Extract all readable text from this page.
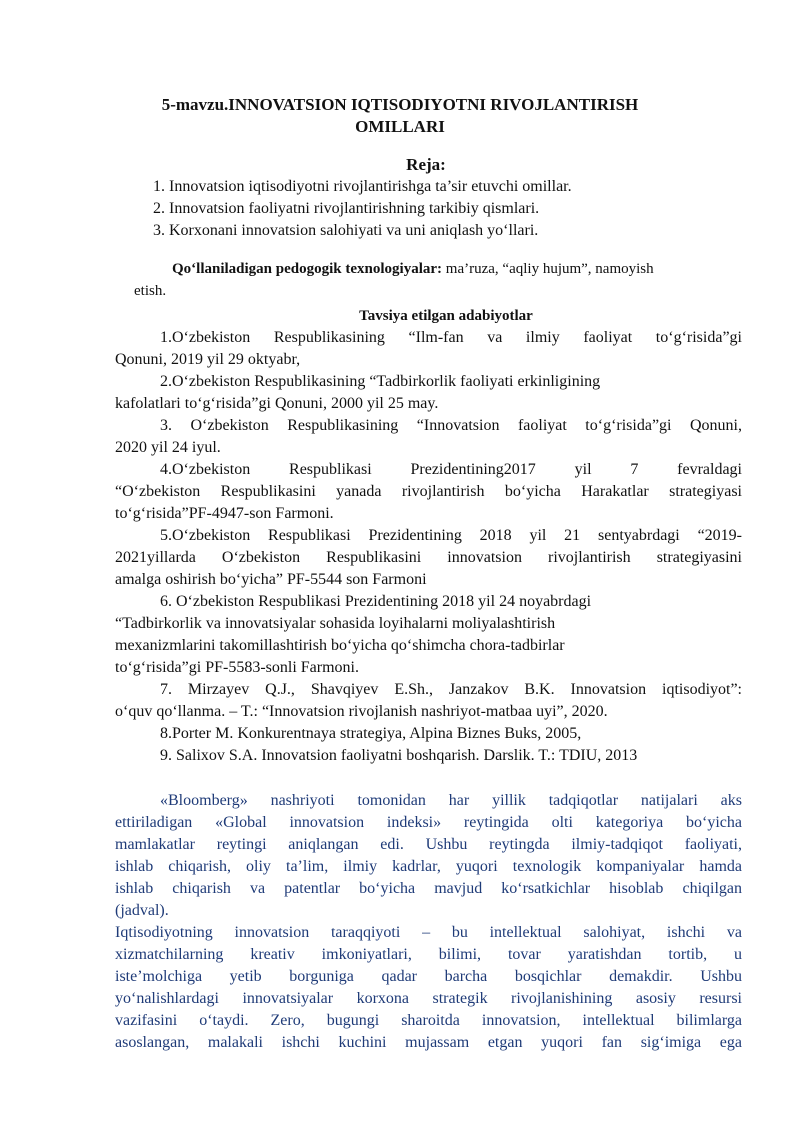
5-mavzu.INNOVATSION IQTISODIYOTNI RIVOJLANTIRISH
OMILLARI
Reja:
1. Innovatsion iqtisodiyotni rivojlantirishga ta’sir etuvchi omillar.
2. Innovatsion faoliyatni rivojlantirishning tarkibiy qismlari.
3. Korxonani innovatsion salohiyati va uni aniqlash yo‘llari.
Qo‘llaniladigan pedogogik texnologiyalar: ma’ruza, “aqliy hujum”, namoyish
etish.
Tavsiya etilgan adabiyotlar
1.O‘zbekiston Respublikasining “Ilm-fan va ilmiy faoliyat to‘g‘risida”gi
Qonuni, 2019 yil 29 oktyabr,
2.O‘zbekiston Respublikasining “Tadbirkorlik faoliyati erkinligining
kafolatlari to‘g‘risida”gi Qonuni, 2000 yil 25 may.
3. O‘zbekiston Respublikasining “Innovatsion faoliyat to‘g‘risida”gi Qonuni,
2020 yil 24 iyul.
4.O‘zbekiston Respublikasi Prezidentining2017 yil 7 fevraldagi
“O‘zbekiston Respublikasini yanada rivojlantirish bo‘yicha Harakatlar strategiyasi
to‘g‘risida”PF-4947-son Farmoni.
5.O‘zbekiston Respublikasi Prezidentining 2018 yil 21 sentyabrdagi “2019-
2021yillarda O‘zbekiston Respublikasini innovatsion rivojlantirish strategiyasini
amalga oshirish bo‘yicha” PF-5544 son Farmoni
6. O‘zbekiston Respublikasi Prezidentining 2018 yil 24 noyabrdagi
“Tadbirkorlik va innovatsiyalar sohasida loyihalarni moliyalashtirish
mexanizmlarini takomillashtirish bo‘yicha qo‘shimcha chora-tadbirlar
to‘g‘risida”gi PF-5583-sonli Farmoni.
7. Mirzayev Q.J., Shavqiyev E.Sh., Janzakov B.K. Innovatsion iqtisodiyot”:
o‘quv qo‘llanma. – T.: “Innovatsion rivojlanish nashriyot-matbaa uyi”, 2020.
8.Porter M. Konkurentnaya strategiya, Alpina Biznes Buks, 2005,
9. Salixov S.A. Innovatsion faoliyatni boshqarish. Darslik. T.: TDIU, 2013
«Bloomberg» nashriyoti tomonidan har yillik tadqiqotlar natijalari aks
ettiriladigan «Global innovatsion indeksi» reytingida olti kategoriya bo‘yicha
mamlakatlar reytingi aniqlangan edi. Ushbu reytingda ilmiy-tadqiqot faoliyati,
ishlab chiqarish, oliy ta’lim, ilmiy kadrlar, yuqori texnologik kompaniyalar hamda
ishlab chiqarish va patentlar bo‘yicha mavjud ko‘rsatkichlar hisoblab chiqilgan
(jadval).
Iqtisodiyotning innovatsion taraqqiyoti – bu intellektual salohiyat, ishchi va
xizmatchilarning kreativ imkoniyatlari, bilimi, tovar yaratishdan tortib, u
iste’molchiga yetib borguniga qadar barcha bosqichlar demakdir. Ushbu
yo‘nalishlardagi innovatsiyalar korxona strategik rivojlanishining asosiy resursi
vazifasini o‘taydi. Zero, bugungi sharoitda innovatsion, intellektual bilimlarga
asoslangan, malakali ishchi kuchini mujassam etgan yuqori fan sig‘imiga ega
